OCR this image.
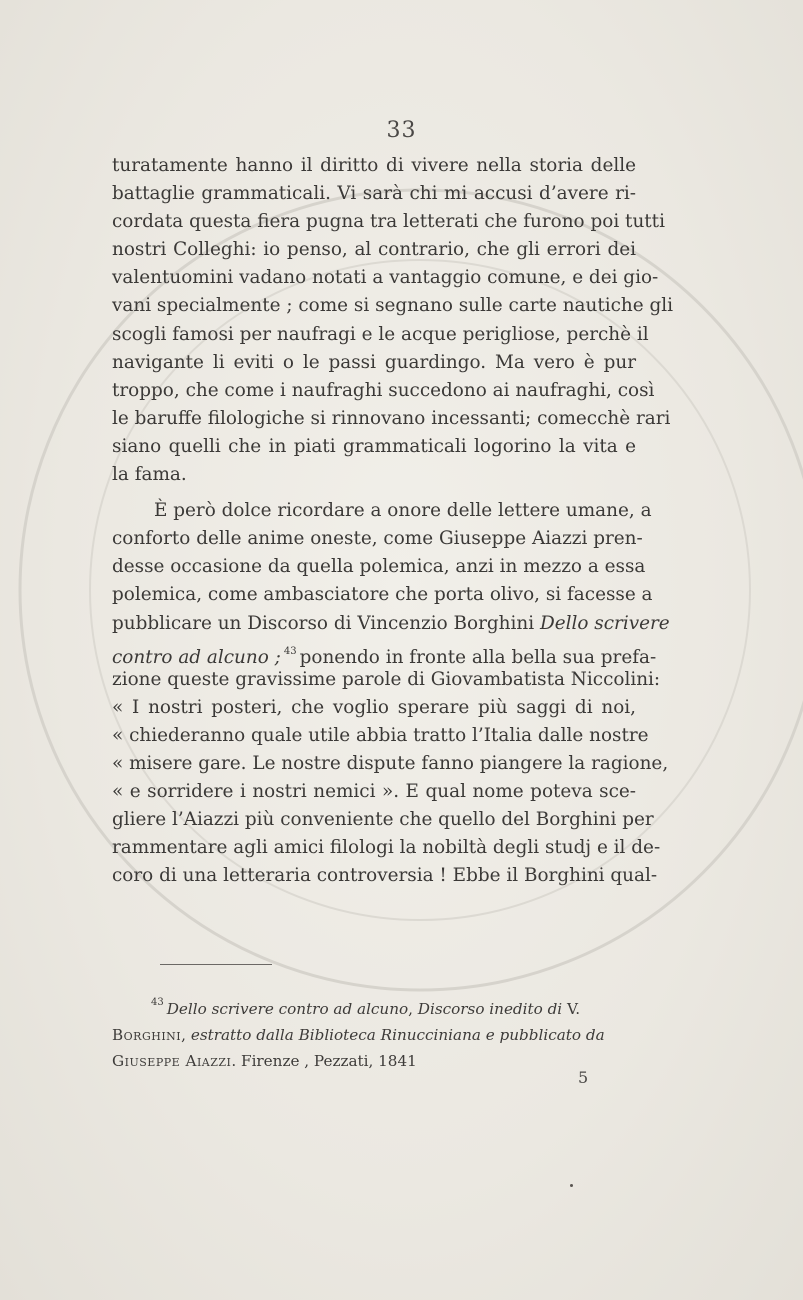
33
turatamente hanno il diritto di vivere nella storia delle
battaglie grammaticali. Vi sarà chi mi accusi d’avere ri-
cordata questa fiera pugna tra letterati che furono poi tutti
nostri Colleghi: io penso, al contrario, che gli errori dei
valentuomini vadano notati a vantaggio comune, e dei gio-
vani specialmente ; come si segnano sulle carte nautiche gli
scogli famosi per naufragi e le acque perigliose, perchè il
navigante li eviti o le passi guardingo. Ma vero è pur
troppo, che come i naufraghi succedono ai naufraghi, così
le baruffe filologiche si rinnovano incessanti; comecchè rari
siano quelli che in piati grammaticali logorino la vita e
la fama.
È però dolce ricordare a onore delle lettere umane, a
conforto delle anime oneste, come Giuseppe Aiazzi pren-
desse occasione da quella polemica, anzi in mezzo a essa
polemica, come ambasciatore che porta olivo, si facesse a
pubblicare un Discorso di Vincenzio Borghini Dello scrivere
contro ad alcuno ; $^{43}$ ponendo in fronte alla bella sua prefa-
zione queste gravissime parole di Giovambatista Niccolini:
« I nostri posteri, che voglio sperare più saggi di noi,
« chiederanno quale utile abbia tratto l’Italia dalle nostre
« misere gare. Le nostre dispute fanno piangere la ragione,
« e sorridere i nostri nemici ». E qual nome poteva sce-
gliere l’Aiazzi più conveniente che quello del Borghini per
rammentare agli amici filologi la nobiltà degli studj e il de-
coro di una letteraria controversia ! Ebbe il Borghini qual-
$^{43}$ Dello scrivere contro ad alcuno, Discorso inedito di V.
Borghini, estratto dalla Biblioteca Rinucciniana e pubblicato da
Giuseppe Aiazzi. Firenze , Pezzati, 1841
5
